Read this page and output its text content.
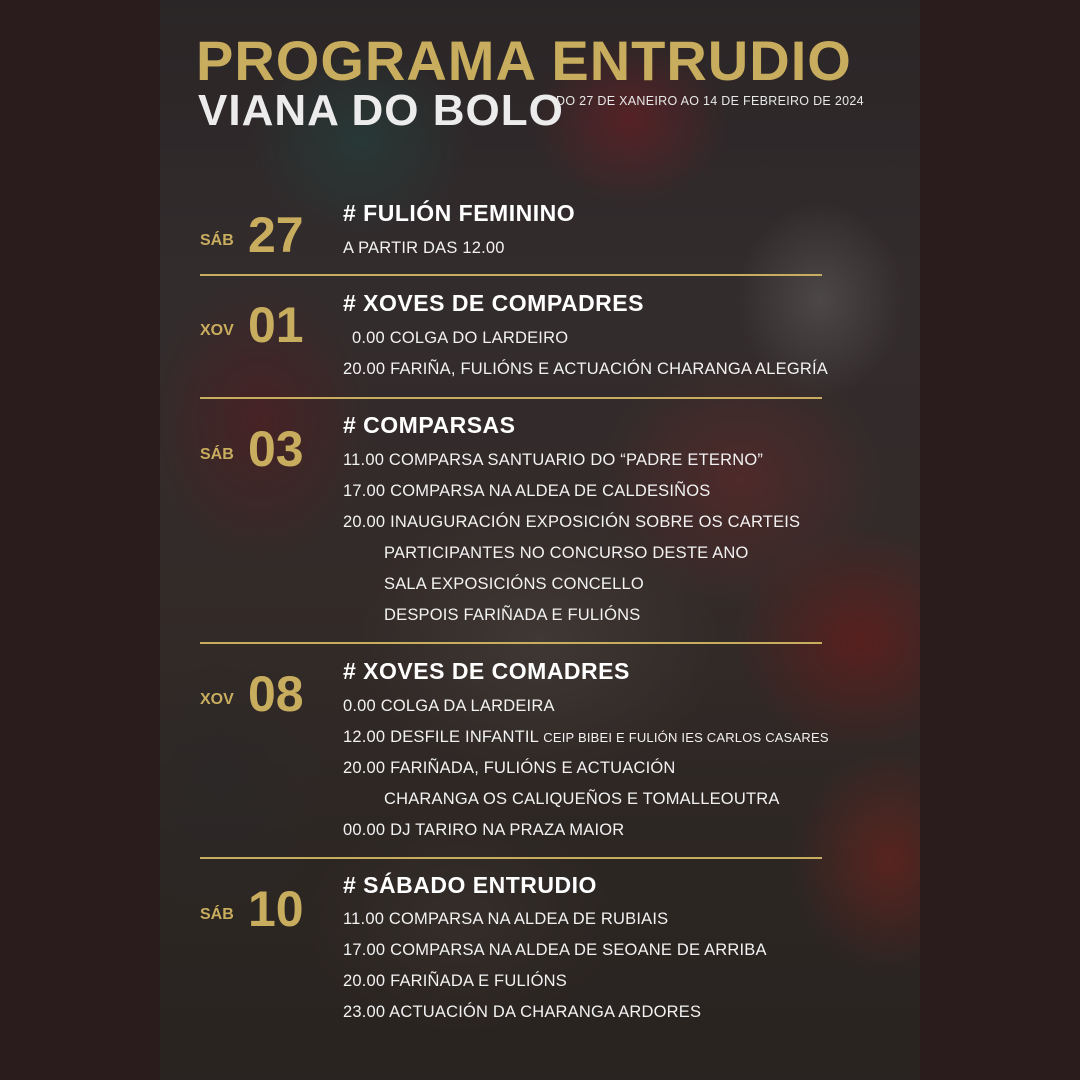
PROGRAMA ENTRUDIO
VIANA DO BOLO
DO 27 DE XANEIRO AO 14 DE FEBREIRO DE 2024
SÁB 27 # FULIÓN FEMININO
A PARTIR DAS 12.00
XOV 01 # XOVES DE COMPADRES
0.00 COLGA DO LARDEIRO
20.00 FARIÑA, FULIÓNS E ACTUACIÓN CHARANGA ALEGRÍA
SÁB 03 # COMPARSAS
11.00 COMPARSA SANTUARIO DO “PADRE ETERNO”
17.00 COMPARSA NA ALDEA DE CALDESIÑOS
20.00 INAUGURACIÓN EXPOSICIÓN SOBRE OS CARTEIS
PARTICIPANTES NO CONCURSO DESTE ANO
SALA EXPOSICIÓNS CONCELLO
DESPOIS FARIÑADA E FULIÓNS
XOV 08 # XOVES DE COMADRES
0.00 COLGA DA LARDEIRA
12.00 DESFILE INFANTIL CEIP BIBEI E FULIÓN IES CARLOS CASARES
20.00 FARIÑADA, FULIÓNS E ACTUACIÓN
CHARANGA OS CALIQUEÑOS E TOMALLEOUTRA
00.00 DJ TARIRO NA PRAZA MAIOR
SÁB 10 # SÁBADO ENTRUDIO
11.00 COMPARSA NA ALDEA DE RUBIAIS
17.00 COMPARSA NA ALDEA DE SEOANE DE ARRIBA
20.00 FARIÑADA E FULIÓNS
23.00 ACTUACIÓN DA CHARANGA ARDORES
